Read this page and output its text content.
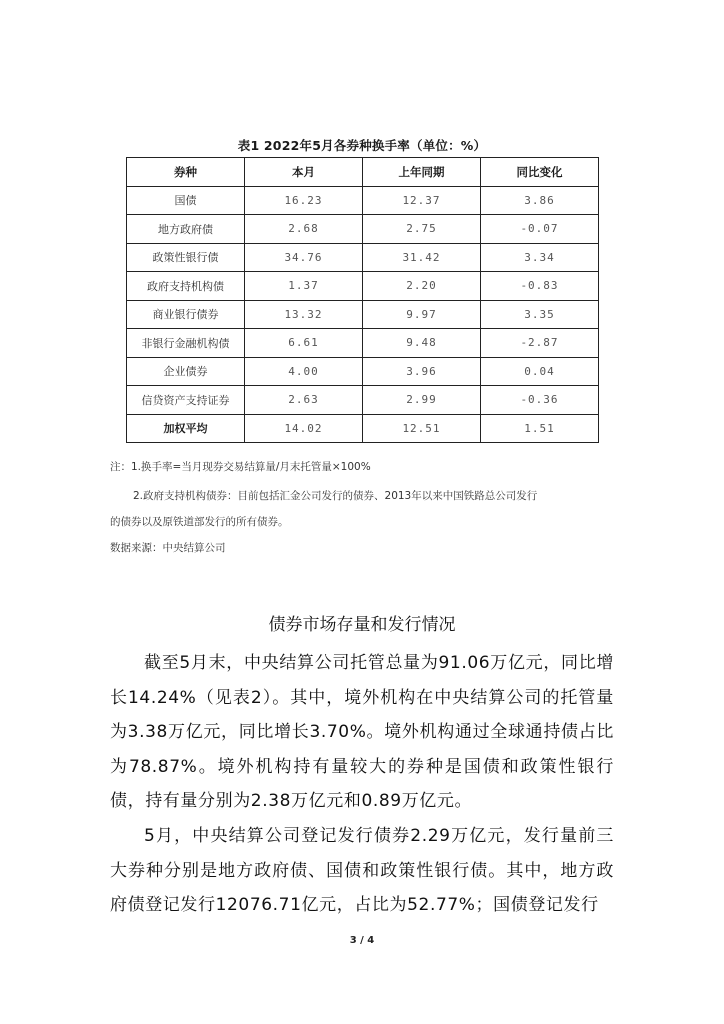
表1 2022年5月各券种换手率（单位：%）
券种	本月	上年同期	同比变化
国债	16.23	12.37	3.86
地方政府债	2.68	2.75	-0.07
政策性银行债	34.76	31.42	3.34
政府支持机构债	1.37	2.20	-0.83
商业银行债券	13.32	9.97	3.35
非银行金融机构债	6.61	9.48	-2.87
企业债券	4.00	3.96	0.04
信贷资产支持证券	2.63	2.99	-0.36
加权平均	14.02	12.51	1.51
注：1.换手率=当月现券交易结算量/月末托管量×100%
2.政府支持机构债券：目前包括汇金公司发行的债券、2013年以来中国铁路总公司发行
的债券以及原铁道部发行的所有债券。
数据来源：中央结算公司
债券市场存量和发行情况

截至5月末，中央结算公司托管总量为91.06万亿元，同比增长14.24%（见表2）。其中，境外机构在中央结算公司的托管量为3.38万亿元，同比增长3.70%。境外机构通过全球通持债占比为78.87%。境外机构持有量较大的券种是国债和政策性银行债，持有量分别为2.38万亿元和0.89万亿元。

5月，中央结算公司登记发行债券2.29万亿元，发行量前三大券种分别是地方政府债、国债和政策性银行债。其中，地方政府债登记发行12076.71亿元，占比为52.77%；国债登记发行

3 / 4
